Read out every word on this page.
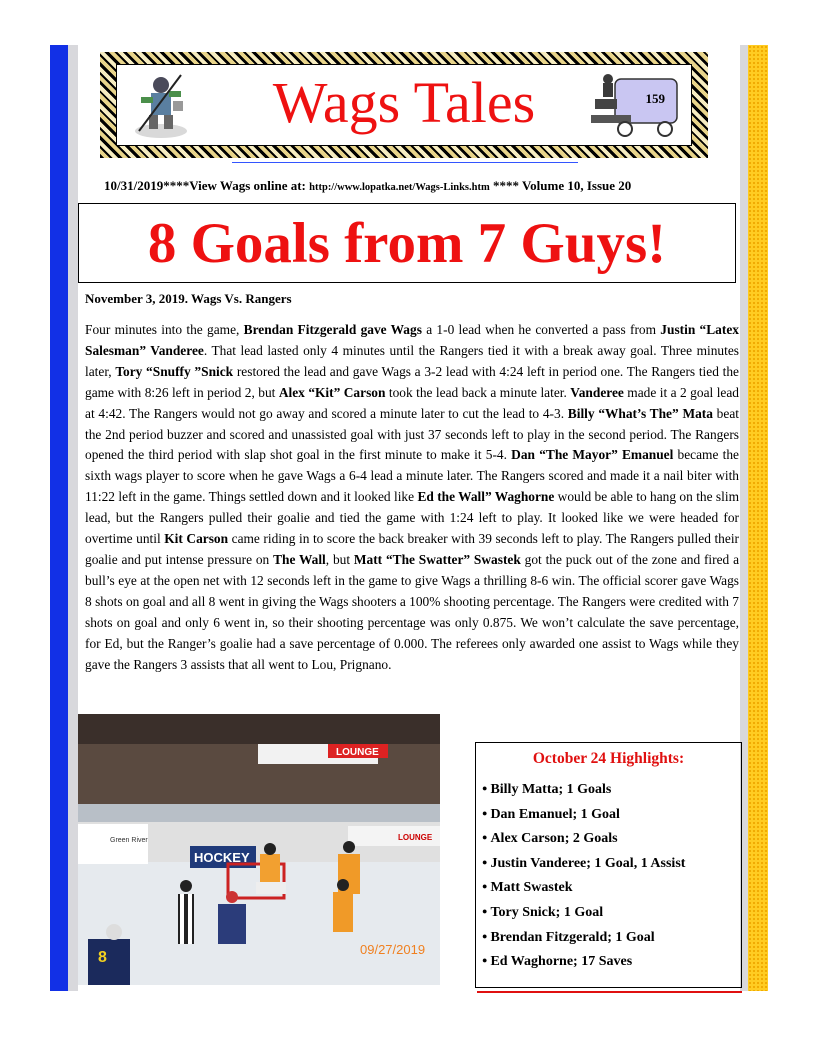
Wags Tales	159
10/31/2019****View Wags online at: http://www.lopatka.net/Wags-Links.htm **** Volume 10, Issue 20
8 Goals from 7 Guys!
November 3, 2019. Wags Vs. Rangers

Four minutes into the game, Brendan Fitzgerald gave Wags a 1-0 lead when he converted a pass from Justin “Latex Salesman” Vanderee. That lead lasted only 4 minutes until the Rangers tied it with a break away goal. Three minutes later, Tory “Snuffy ”Snick restored the lead and gave Wags a 3-2 lead with 4:24 left in period one. The Rangers tied the game with 8:26 left in period 2, but Alex “Kit” Carson took the lead back a minute later. Vanderee made it a 2 goal lead at 4:42. The Rangers would not go away and scored a minute later to cut the lead to 4-3. Billy “What’s The” Mata beat the 2nd period buzzer and scored and unassisted goal with just 37 seconds left to play in the second period. The Rangers opened the third period with slap shot goal in the first minute to make it 5-4. Dan “The Mayor” Emanuel became the sixth wags player to score when he gave Wags a 6-4 lead a minute later. The Rangers scored and made it a nail biter with 11:22 left in the game. Things settled down and it looked like Ed the Wall” Waghorne would be able to hang on the slim lead, but the Rangers pulled their goalie and tied the game with 1:24 left to play. It looked like we were headed for overtime until Kit Carson came riding in to score the back breaker with 39 seconds left to play. The Rangers pulled their goalie and put intense pressure on The Wall, but Matt “The Swatter” Swastek got the puck out of the zone and fired a bull’s eye at the open net with 12 seconds left in the game to give Wags a thrilling 8-6 win. The official scorer gave Wags 8 shots on goal and all 8 went in giving the Wags shooters a 100% shooting percentage. The Rangers were credited with 7 shots on goal and only 6 went in, so their shooting percentage was only 0.875. We won’t calculate the save percentage, for Ed, but the Ranger’s goalie had a save percentage of 0.000. The referees only awarded one assist to Wags while they gave the Rangers 3 assists that all went to Lou, Prignano.

LOUNGE
Green River
HOCKEY
LOUNGE
8	09/27/2019
October 24 Highlights:
● Billy Matta; 1 Goals
● Dan Emanuel; 1 Goal
● Alex Carson; 2 Goals
● Justin Vanderee; 1 Goal, 1 Assist
● Matt Swastek
● Tory Snick; 1 Goal
● Brendan Fitzgerald; 1 Goal
● Ed Waghorne; 17 Saves
